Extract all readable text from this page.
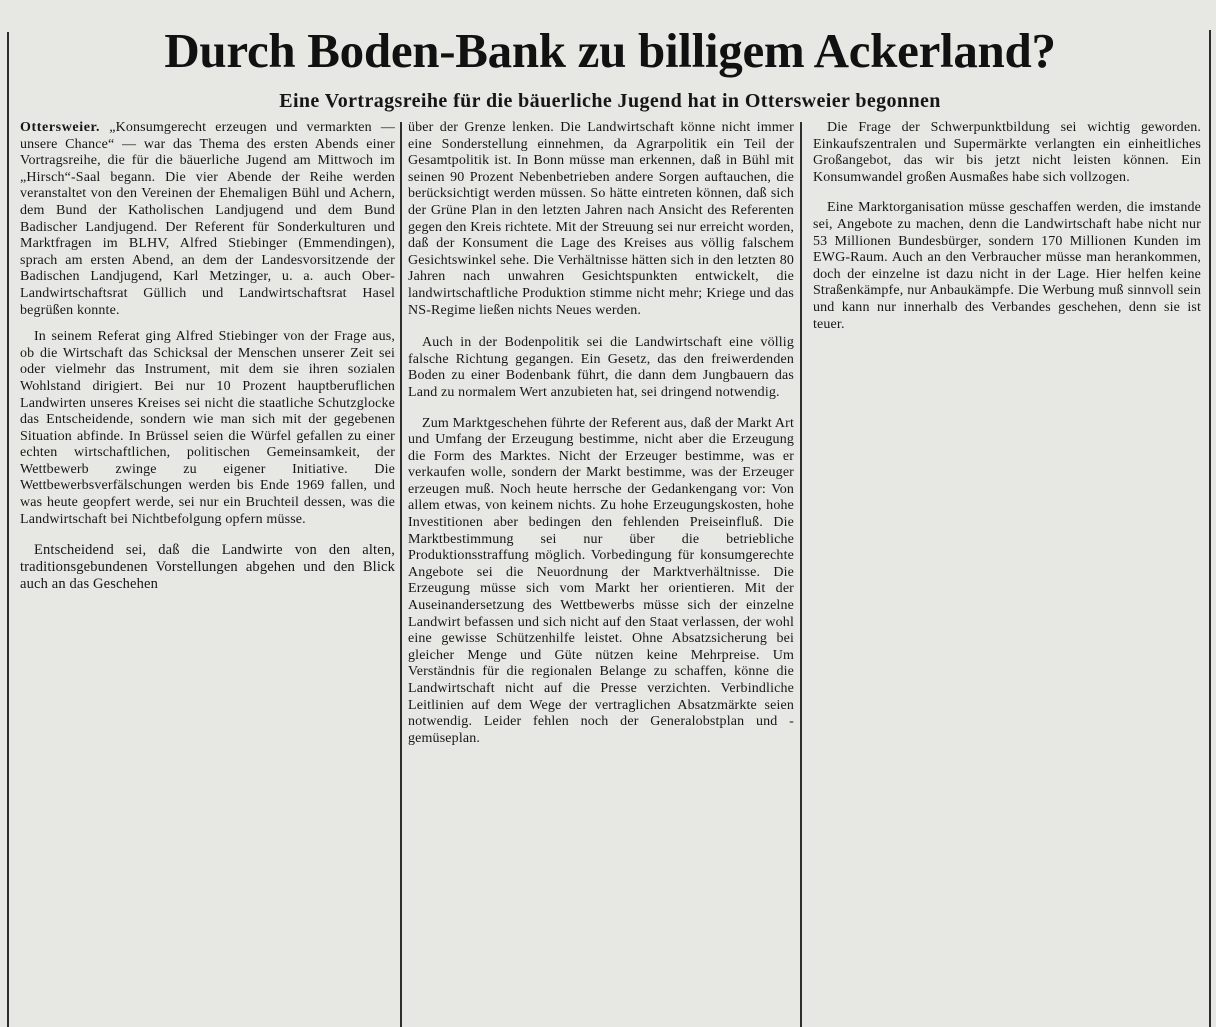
Durch Boden-Bank zu billigem Ackerland?
Eine Vortragsreihe für die bäuerliche Jugend hat in Ottersweier begonnen

Ottersweier. „Konsumgerecht erzeugen und vermarkten — unsere Chance“ — war das Thema des ersten Abends einer Vortragsreihe, die für die bäuerliche Jugend am Mittwoch im „Hirsch“-Saal begann. Die vier Abende der Reihe werden veranstaltet von den Vereinen der Ehemaligen Bühl und Achern, dem Bund der Katholischen Landjugend und dem Bund Badischer Landjugend. Der Referent für Sonderkulturen und Marktfragen im BLHV, Alfred Stiebinger (Emmendingen), sprach am ersten Abend, an dem der Landesvorsitzende der Badischen Landjugend, Karl Metzinger, u. a. auch Ober-Landwirtschaftsrat Güllich und Landwirtschaftsrat Hasel begrüßen konnte.

In seinem Referat ging Alfred Stiebinger von der Frage aus, ob die Wirtschaft das Schicksal der Menschen unserer Zeit sei oder vielmehr das Instrument, mit dem sie ihren sozialen Wohlstand dirigiert. Bei nur 10 Prozent hauptberuflichen Landwirten unseres Kreises sei nicht die staatliche Schutzglocke das Entscheidende, sondern wie man sich mit der gegebenen Situation abfinde. In Brüssel seien die Würfel gefallen zu einer echten wirtschaftlichen, politischen Gemeinsamkeit, der Wettbewerb zwinge zu eigener Initiative. Die Wettbewerbsverfälschungen werden bis Ende 1969 fallen, und was heute geopfert werde, sei nur ein Bruchteil dessen, was die Landwirtschaft bei Nichtbefolgung opfern müsse.

Entscheidend sei, daß die Landwirte von den alten, traditionsgebundenen Vorstellungen abgehen und den Blick auch an das Geschehen

über der Grenze lenken. Die Landwirtschaft könne nicht immer eine Sonderstellung einnehmen, da Agrarpolitik ein Teil der Gesamtpolitik ist. In Bonn müsse man erkennen, daß in Bühl mit seinen 90 Prozent Nebenbetrieben andere Sorgen auftauchen, die berücksichtigt werden müssen. So hätte eintreten können, daß sich der Grüne Plan in den letzten Jahren nach Ansicht des Referenten gegen den Kreis richtete. Mit der Streuung sei nur erreicht worden, daß der Konsument die Lage des Kreises aus völlig falschem Gesichtswinkel sehe. Die Verhältnisse hätten sich in den letzten 80 Jahren nach unwahren Gesichtspunkten entwickelt, die landwirtschaftliche Produktion stimme nicht mehr; Kriege und das NS-Regime ließen nichts Neues werden.

Auch in der Bodenpolitik sei die Landwirtschaft eine völlig falsche Richtung gegangen. Ein Gesetz, das den freiwerdenden Boden zu einer Bodenbank führt, die dann dem Jungbauern das Land zu normalem Wert anzubieten hat, sei dringend notwendig.

Zum Marktgeschehen führte der Referent aus, daß der Markt Art und Umfang der Erzeugung bestimme, nicht aber die Erzeugung die Form des Marktes. Nicht der Erzeuger bestimme, was er verkaufen wolle, sondern der Markt bestimme, was der Erzeuger erzeugen muß. Noch heute herrsche der Gedankengang vor: Von allem etwas, von keinem nichts. Zu hohe Erzeugungskosten, hohe Investitionen aber bedingen den fehlenden Preiseinfluß. Die Marktbestimmung sei nur über die betriebliche Produktionsstraffung möglich. Vorbedingung für konsumgerechte Angebote sei die Neuordnung der Marktverhältnisse. Die Erzeugung müsse sich vom Markt her orientieren. Mit der Auseinandersetzung des Wettbewerbs müsse sich der einzelne Landwirt befassen und sich nicht auf den Staat verlassen, der wohl eine gewisse Schützenhilfe leistet. Ohne Absatzsicherung bei gleicher Menge und Güte nützen keine Mehrpreise. Um Verständnis für die regionalen Belange zu schaffen, könne die Landwirtschaft nicht auf die Presse verzichten. Verbindliche Leitlinien auf dem Wege der vertraglichen Absatzmärkte seien notwendig. Leider fehlen noch der Generalobstplan und -gemüseplan.

Die Frage der Schwerpunktbildung sei wichtig geworden. Einkaufszentralen und Supermärkte verlangten ein einheitliches Großangebot, das wir bis jetzt nicht leisten können. Ein Konsumwandel großen Ausmaßes habe sich vollzogen.

Eine Marktorganisation müsse geschaffen werden, die imstande sei, Angebote zu machen, denn die Landwirtschaft habe nicht nur 53 Millionen Bundesbürger, sondern 170 Millionen Kunden im EWG-Raum. Auch an den Verbraucher müsse man herankommen, doch der einzelne ist dazu nicht in der Lage. Hier helfen keine Straßenkämpfe, nur Anbaukämpfe. Die Werbung muß sinnvoll sein und kann nur innerhalb des Verbandes geschehen, denn sie ist teuer.
